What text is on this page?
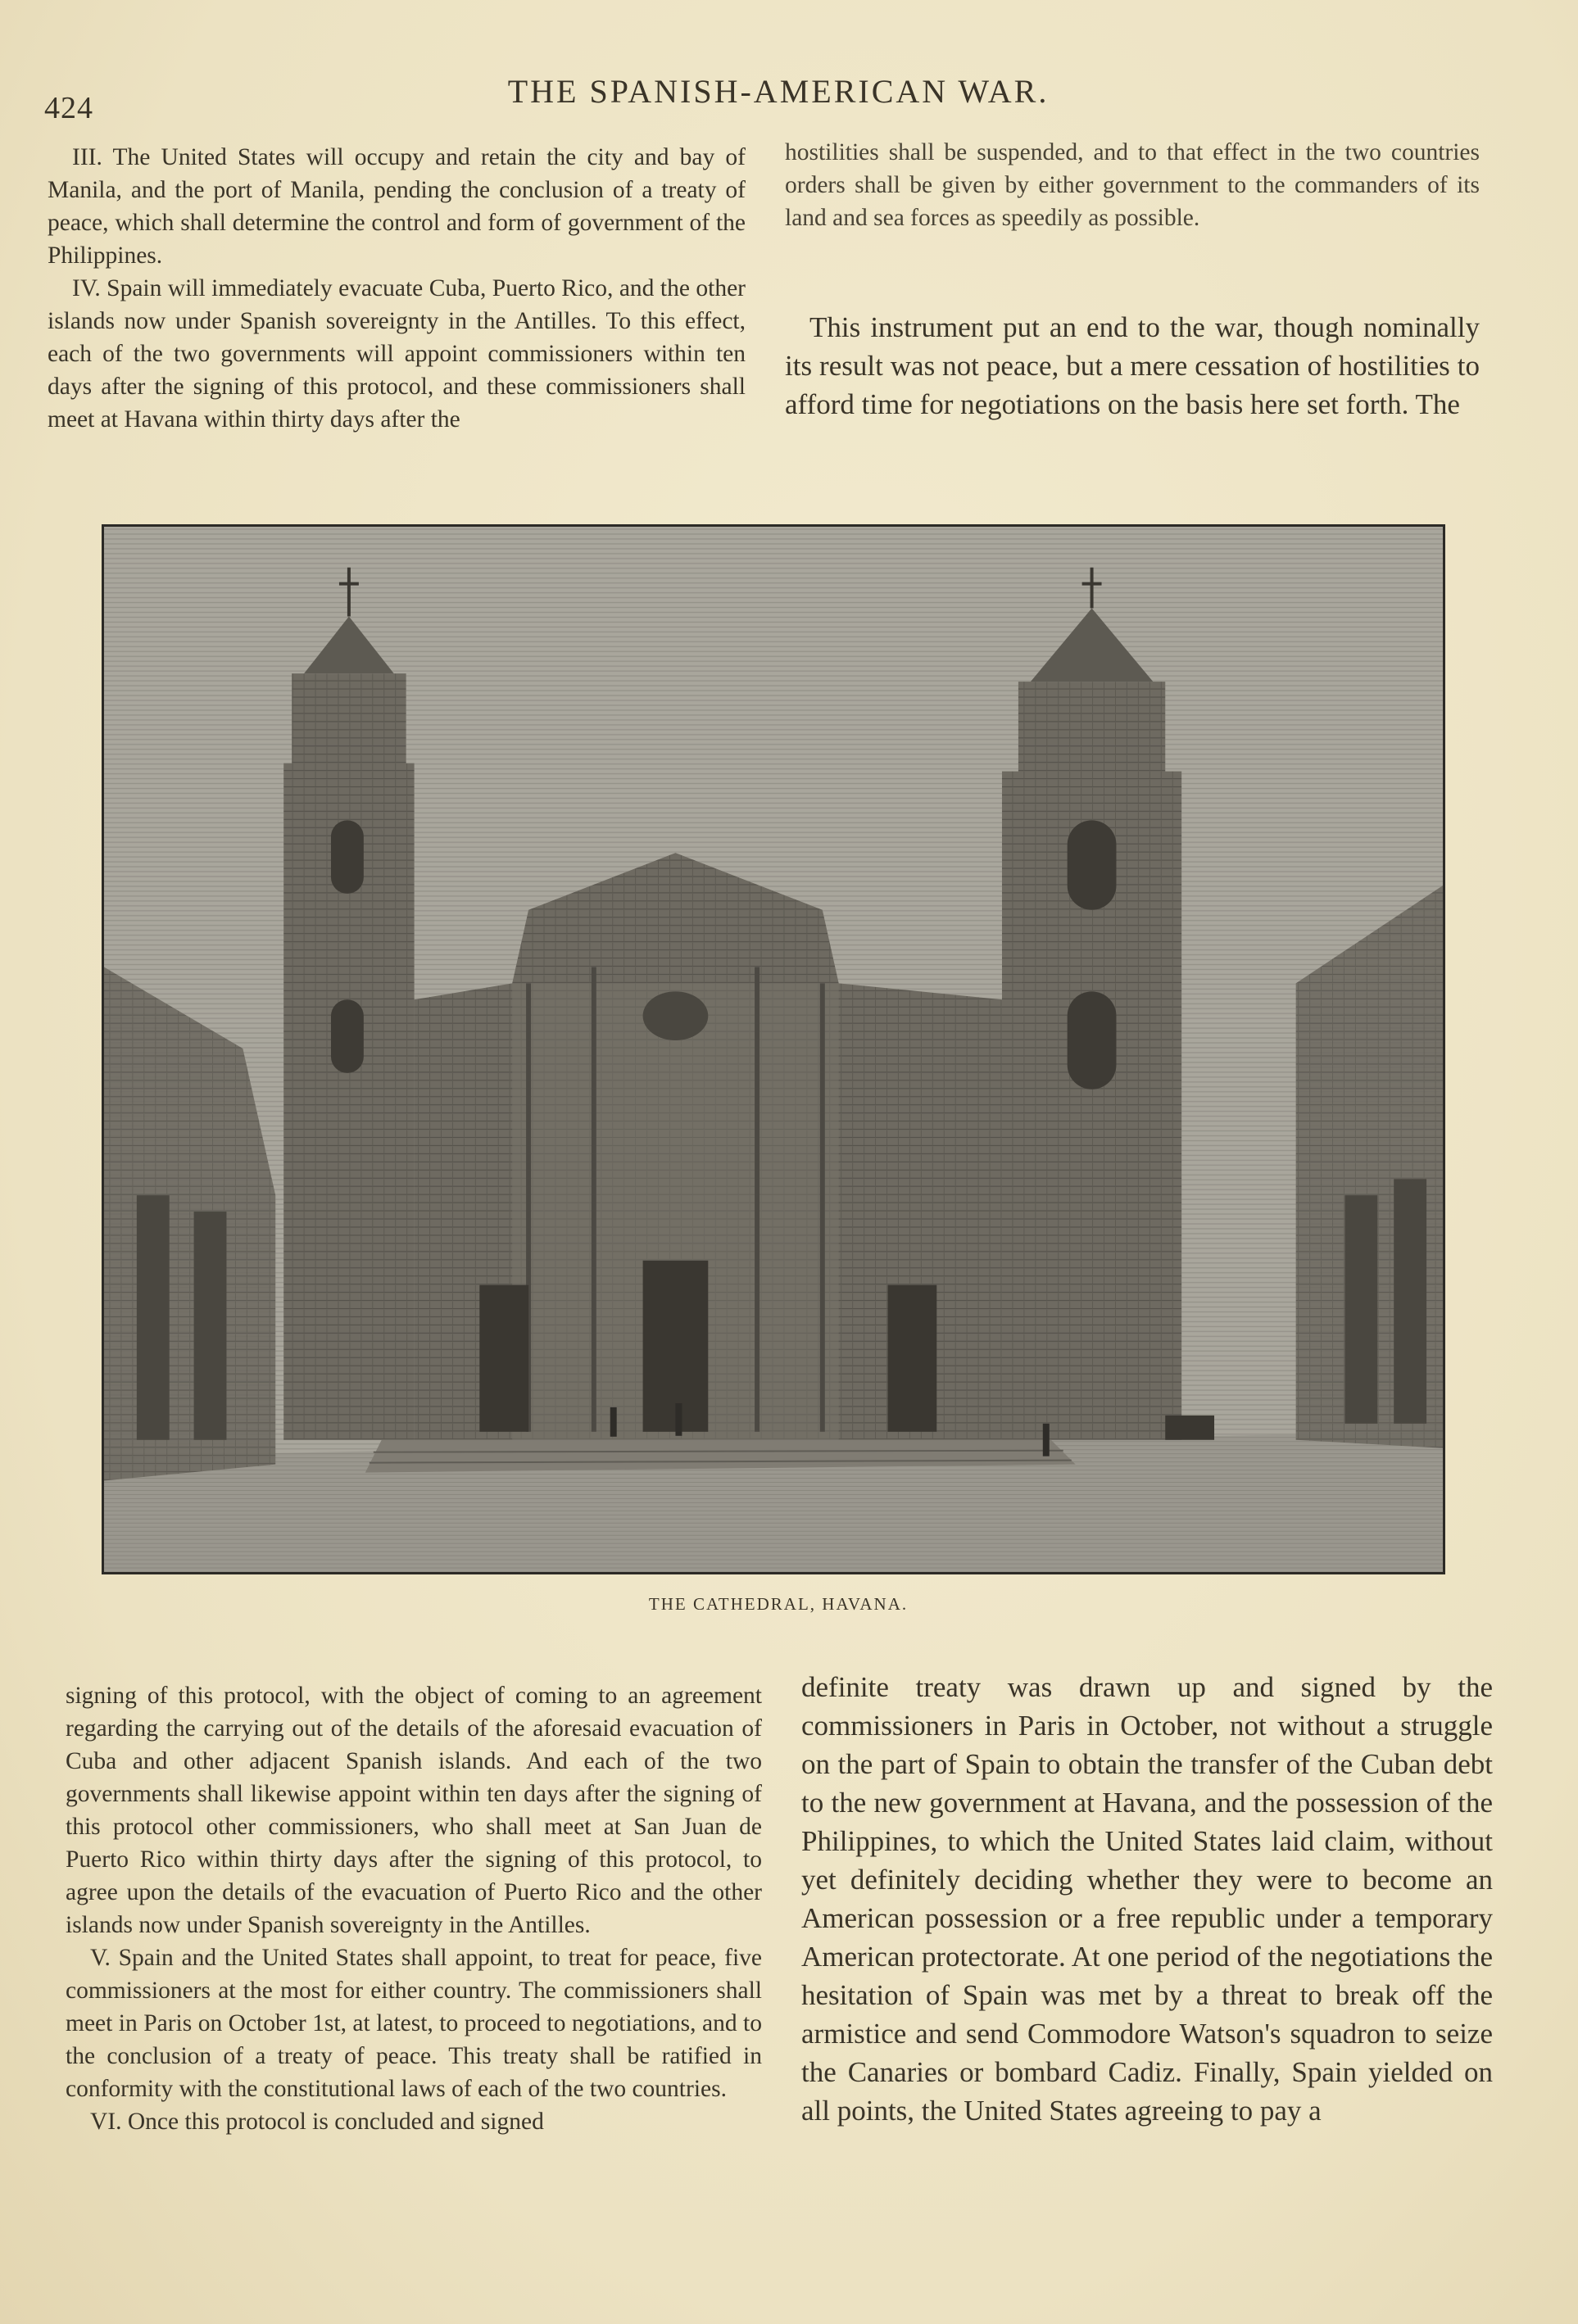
424	THE SPANISH-AMERICAN WAR.

III. The United States will occupy and retain the city and bay of Manila, and the port of Manila, pending the conclusion of a treaty of peace, which shall determine the control and form of government of the Philippines.

IV. Spain will immediately evacuate Cuba, Puerto Rico, and the other islands now under Spanish sovereignty in the Antilles. To this effect, each of the two governments will appoint commissioners within ten days after the signing of this protocol, and these commissioners shall meet at Havana within thirty days after the

hostilities shall be suspended, and to that effect in the two countries orders shall be given by either government to the commanders of its land and sea forces as speedily as possible.

This instrument put an end to the war, though nominally its result was not peace, but a mere cessation of hostilities to afford time for negotiations on the basis here set forth. The

THE CATHEDRAL, HAVANA.

signing of this protocol, with the object of coming to an agreement regarding the carrying out of the details of the aforesaid evacuation of Cuba and other adjacent Spanish islands. And each of the two governments shall likewise appoint within ten days after the signing of this protocol other commissioners, who shall meet at San Juan de Puerto Rico within thirty days after the signing of this protocol, to agree upon the details of the evacuation of Puerto Rico and the other islands now under Spanish sovereignty in the Antilles.

V. Spain and the United States shall appoint, to treat for peace, five commissioners at the most for either country. The commissioners shall meet in Paris on October 1st, at latest, to proceed to negotiations, and to the conclusion of a treaty of peace. This treaty shall be ratified in conformity with the constitutional laws of each of the two countries.

VI. Once this protocol is concluded and signed

definite treaty was drawn up and signed by the commissioners in Paris in October, not without a struggle on the part of Spain to obtain the transfer of the Cuban debt to the new government at Havana, and the possession of the Philippines, to which the United States laid claim, without yet definitely deciding whether they were to become an American possession or a free republic under a temporary American protectorate. At one period of the negotiations the hesitation of Spain was met by a threat to break off the armistice and send Commodore Watson's squadron to seize the Canaries or bombard Cadiz. Finally, Spain yielded on all points, the United States agreeing to pay a
